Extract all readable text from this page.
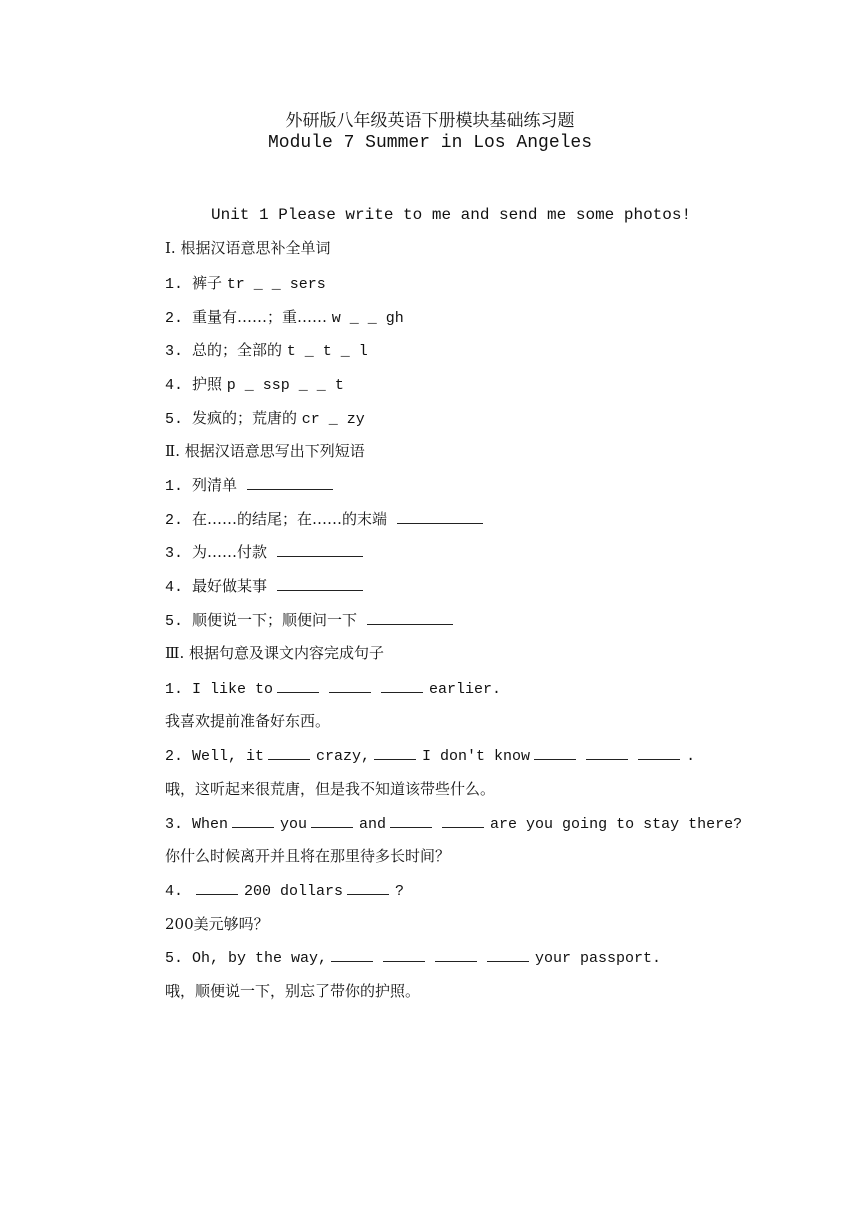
外研版八年级英语下册模块基础练习题
Module 7 Summer in Los Angeles
Unit 1 Please write to me and send me some photos!
Ⅰ. 根据汉语意思补全单词
1. 裤子 tr _ _ sers
2. 重量有……；重…… w _ _ gh
3. 总的；全部的 t _ t _ l
4. 护照 p _ ssp _ _ t
5. 发疯的；荒唐的 cr _ zy
Ⅱ. 根据汉语意思写出下列短语
1. 列清单
2. 在……的结尾；在……的末端
3. 为……付款
4. 最好做某事
5. 顺便说一下；顺便问一下
Ⅲ. 根据句意及课文内容完成句子
1. I like to	earlier.
我喜欢提前准备好东西。
2. Well, it	crazy,	I don't know	.
哦，这听起来很荒唐，但是我不知道该带些什么。
3. When	you	and	are you going to stay there?
你什么时候离开并且将在那里待多长时间？
4.	200 dollars	?
200美元够吗？
5. Oh, by the way,	your passport.
哦，顺便说一下，别忘了带你的护照。
